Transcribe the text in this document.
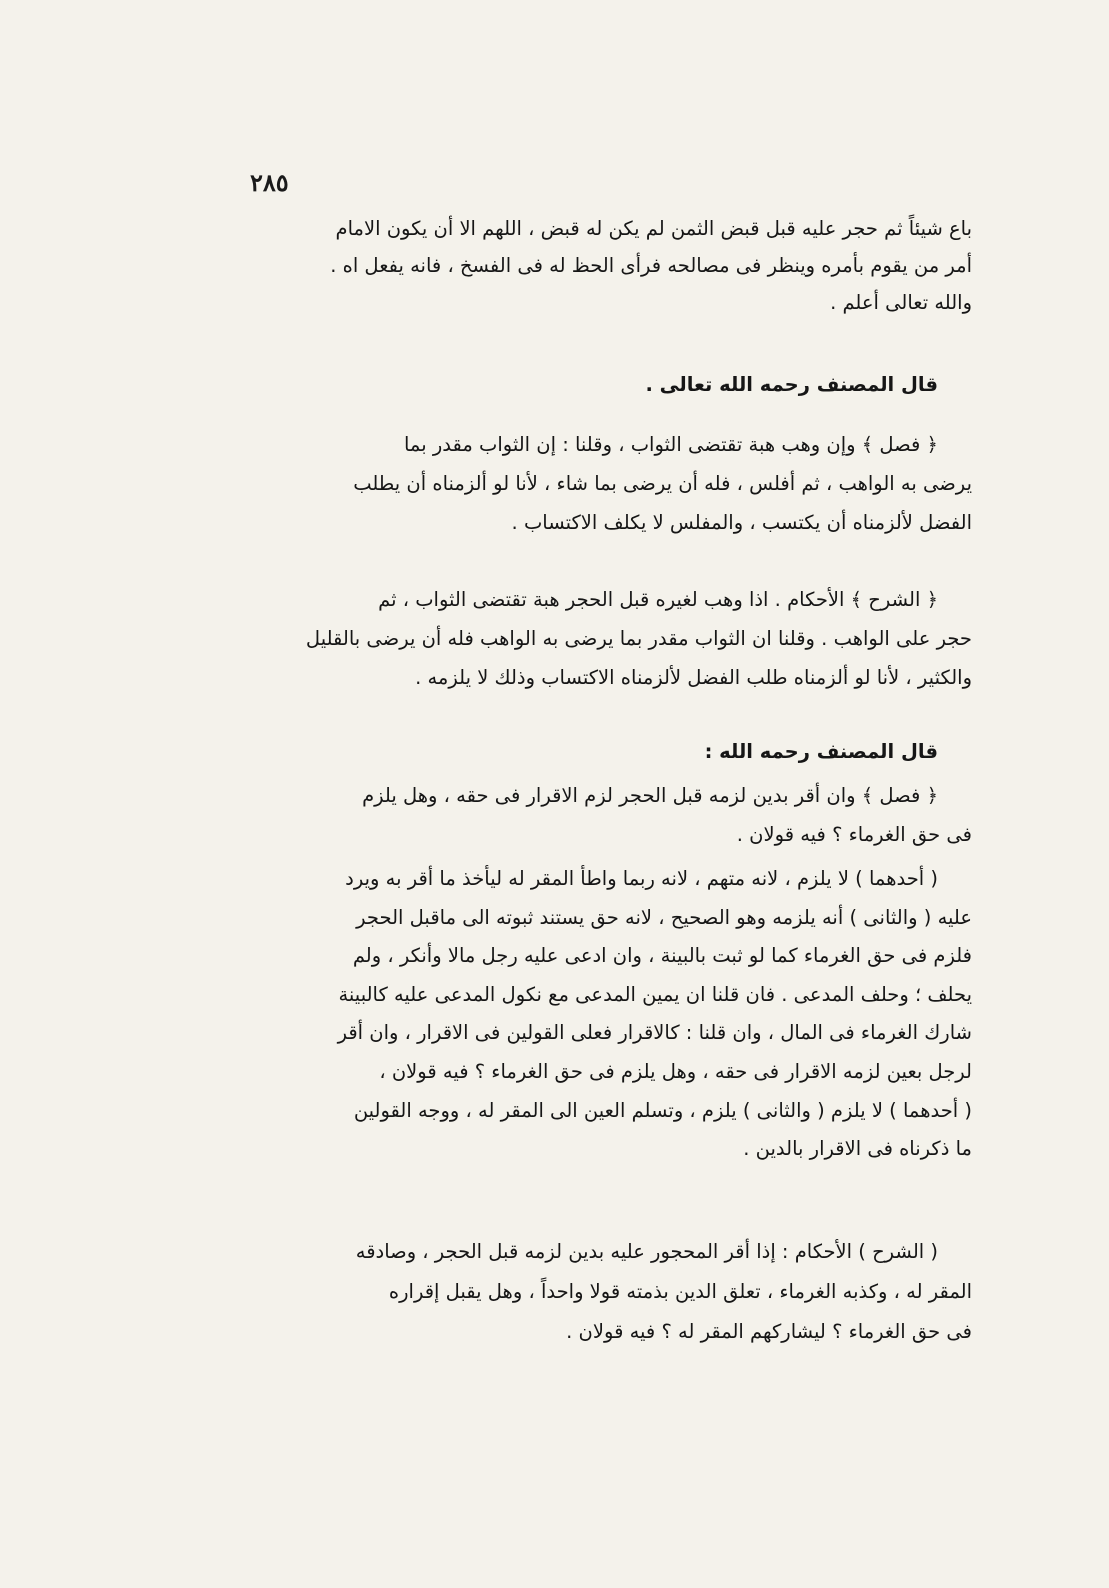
٢٨٥
باع شيئاً ثم حجر عليه قبل قبض الثمن لم يكن له قبض ، اللهم الا أن يكون الامام
أمر من يقوم بأمره وينظر فى مصالحه فرأى الحظ له فى الفسخ ، فانه يفعل اه .
والله تعالى أعلم .
قال المصنف رحمه الله تعالى .
﴿ فصل ﴾ وإن وهب هبة تقتضى الثواب ، وقلنا : إن الثواب مقدر بما
يرضى به الواهب ، ثم أفلس ، فله أن يرضى بما شاء ، لأنا لو ألزمناه أن يطلب
الفضل لألزمناه أن يكتسب ، والمفلس لا يكلف الاكتساب .
﴿ الشرح ﴾ الأحكام . اذا وهب لغيره قبل الحجر هبة تقتضى الثواب ، ثم
حجر على الواهب . وقلنا ان الثواب مقدر بما يرضى به الواهب فله أن يرضى بالقليل
والكثير ، لأنا لو ألزمناه طلب الفضل لألزمناه الاكتساب وذلك لا يلزمه .
قال المصنف رحمه الله :
﴿ فصل ﴾ وان أقر بدين لزمه قبل الحجر لزم الاقرار فى حقه ، وهل يلزم
فى حق الغرماء ؟ فيه قولان .
( أحدهما ) لا يلزم ، لانه متهم ، لانه ربما واطأ المقر له ليأخذ ما أقر به ويرد
عليه ( والثانى ) أنه يلزمه وهو الصحيح ، لانه حق يستند ثبوته الى ماقبل الحجر
فلزم فى حق الغرماء كما لو ثبت بالبينة ، وان ادعى عليه رجل مالا وأنكر ، ولم
يحلف ؛ وحلف المدعى . فان قلنا ان يمين المدعى مع نكول المدعى عليه كالبينة
شارك الغرماء فى المال ، وان قلنا : كالاقرار فعلى القولين فى الاقرار ، وان أقر
لرجل بعين لزمه الاقرار فى حقه ، وهل يلزم فى حق الغرماء ؟ فيه قولان ،
( أحدهما ) لا يلزم ( والثانى ) يلزم ، وتسلم العين الى المقر له ، ووجه القولين
ما ذكرناه فى الاقرار بالدين .
( الشرح ) الأحكام : إذا أقر المحجور عليه بدين لزمه قبل الحجر ، وصادقه
المقر له ، وكذبه الغرماء ، تعلق الدين بذمته قولا واحداً ، وهل يقبل إقراره
فى حق الغرماء ؟ ليشاركهم المقر له ؟ فيه قولان .
